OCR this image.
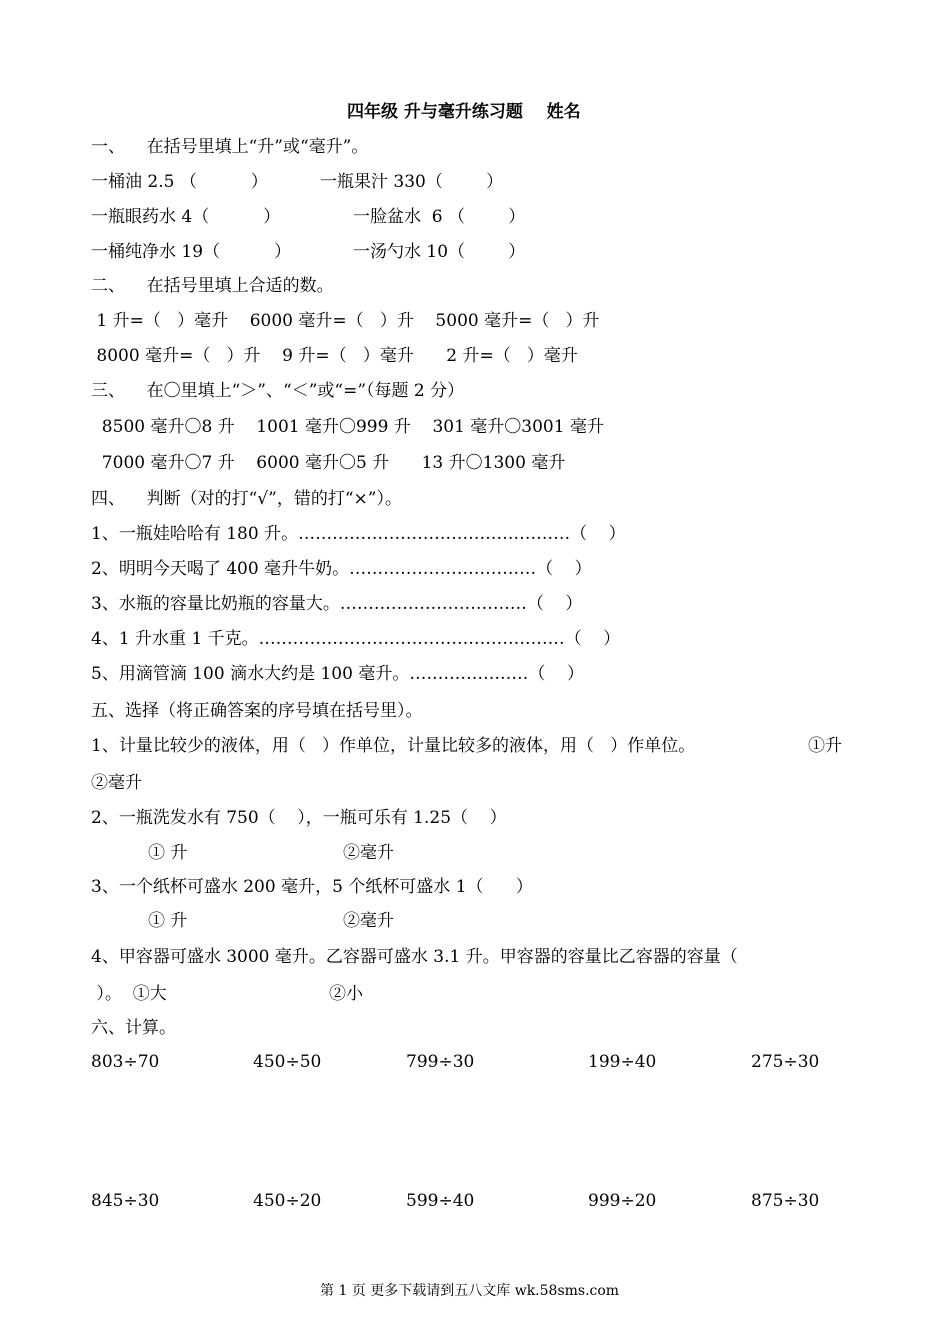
四年级 升与毫升练习题    姓名
一、    在括号里填上“升”或“毫升”。
一桶油 2.5 （          ）	一瓶果汁 330（        ）
一瓶眼药水 4（          ）	一脸盆水  6 （        ）
一桶纯净水 19（          ）	一汤勺水 10（        ）
二、    在括号里填上合适的数。
1 升=（   ）毫升    6000 毫升=（   ）升    5000 毫升=（   ）升
8000 毫升=（   ）升    9 升=（   ）毫升      2 升=（   ）毫升
三、    在〇里填上“＞”、“＜”或“=”（每题 2 分）
8500 毫升〇8 升    1001 毫升〇999 升    301 毫升〇3001 毫升
7000 毫升〇7 升    6000 毫升〇5 升      13 升〇1300 毫升
四、    判断（对的打“√”，错的打“×”）。
1、一瓶娃哈哈有 180 升。…………………………………………（    ）
2、明明今天喝了 400 毫升牛奶。……………………………（    ）
3、水瓶的容量比奶瓶的容量大。……………………………（    ）
4、1 升水重 1 千克。………………………………………………（    ）
5、用滴管滴 100 滴水大约是 100 毫升。…………………（    ）
五、选择（将正确答案的序号填在括号里）。
1、计量比较少的液体，用（   ）作单位，计量比较多的液体，用（   ）作单位。	①升
②毫升
2、一瓶洗发水有 750（    ），一瓶可乐有 1.25（    ）
① 升	②毫升
3、一个纸杯可盛水 200 毫升，5 个纸杯可盛水 1（      ）
① 升	②毫升
4、甲容器可盛水 3000 毫升。乙容器可盛水 3.1 升。甲容器的容量比乙容器的容量（
）。  ①大	②小
六、计算。
803÷70	450÷50	799÷30	199÷40	275÷30
845÷30	450÷20	599÷40	999÷20	875÷30
第 1 页 更多下载请到五八文库 wk.58sms.com
